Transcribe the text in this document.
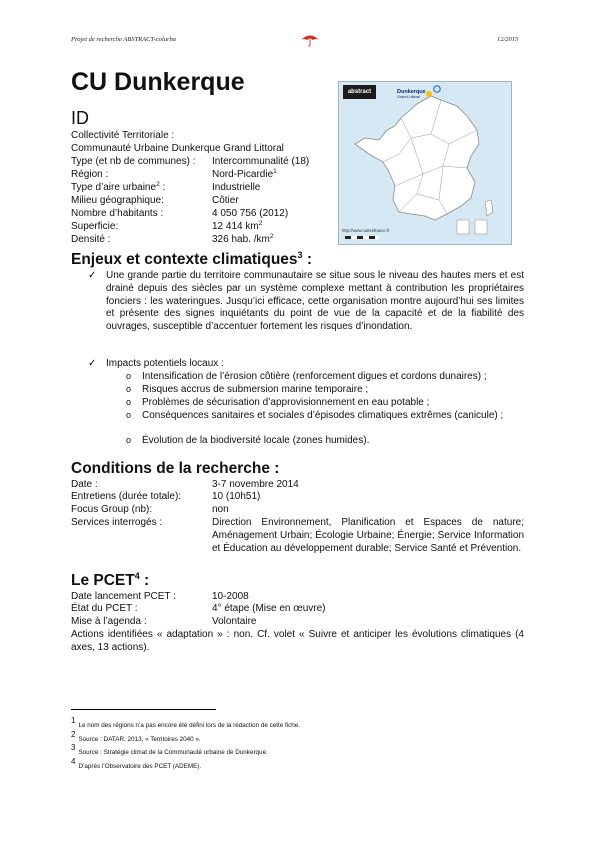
Projet de recherche ABSTRACT-colurba	12/2015
CU Dunkerque	abstract	Dunkerque
Grand Littoral
http://www.cartesfrance.fr
ID
Collectivité Territoriale :
Communauté Urbaine Dunkerque Grand Littoral
Type (et nb de communes) : Intercommunalité (18)
Région :	Nord-Picardie$^1$
Type d’aire urbaine$^2$ :	Industrielle
Milieu géographique:	Côtier
Nombre d’habitants :	4 050 756 (2012)
Superficie:	12 414 $km^2$
Densité :	326 hab. $/km^2$
Enjeux et contexte climatiques$^3$ :
✓ Une grande partie du territoire communautaire se situe sous le niveau des hautes mers et est drainé depuis des siècles par un système complexe mettant à contribution les propriétaires fonciers : les wateringues. Jusqu’ici efficace, cette organisation montre aujourd’hui ses limites et présente des signes inquiétants du point de vue de la capacité et de la fiabilité des ouvrages, susceptible d’accentuer fortement les risques d’inondation.
✓ Impacts potentiels locaux :
o Intensification de l’érosion côtière (renforcement digues et cordons dunaires) ;
o Risques accrus de submersion marine temporaire ;
o Problèmes de sécurisation d’approvisionnement en eau potable ;
o Conséquences sanitaires et sociales d’épisodes climatiques extrêmes (canicule) ;
o Évolution de la biodiversité locale (zones humides).
Conditions de la recherche :
Date :	3-7 novembre 2014
Entretiens (durée totale):	10 (10h51)
Focus Group (nb):	non
Services interrogés :	Direction Environnement, Planification et Espaces de nature; Aménagement Urbain; Écologie Urbaine; Énergie; Service Information et Éducation au développement durable; Service Santé et Prévention.
Le PCET$^4$ :
Date lancement PCET :	10-2008
État du PCET :	4° étape (Mise en œuvre)
Mise à l’agenda :	Volontaire
Actions identifiées « adaptation » : non. Cf. volet « Suivre et anticiper les évolutions climatiques (4 axes, 13 actions).
1Le nom des régions n’a pas encore été défini lors de la rédaction de cette fiche.
2Source : DATAR, 2013, « Territoires 2040 ».
3Source : Stratégie climat de la Communauté urbaine de Dunkerque.
4D’après l’Observatoire des PCET (ADEME).
